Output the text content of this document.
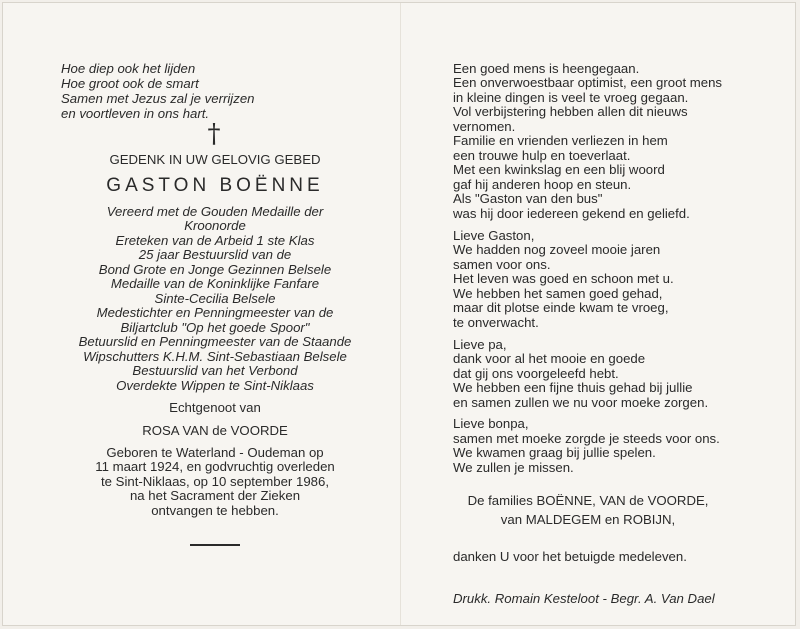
Hoe diep ook het lijden
Hoe groot ook de smart
Samen met Jezus zal je verrijzen
en voortleven in ons hart.
†
GEDENK IN UW GELOVIG GEBED
GASTON BOËNNE
Vereerd met de Gouden Medaille der
Kroonorde
Ereteken van de Arbeid 1 ste Klas
25 jaar Bestuurslid van de
Bond Grote en Jonge Gezinnen Belsele
Medaille van de Koninklijke Fanfare
Sinte-Cecilia Belsele
Medestichter en Penningmeester van de
Biljartclub "Op het goede Spoor"
Betuurslid en Penningmeester van de Staande
Wipschutters K.H.M. Sint-Sebastiaan Belsele
Bestuurslid van het Verbond
Overdekte Wippen te Sint-Niklaas
Echtgenoot van
ROSA VAN de VOORDE
Geboren te Waterland - Oudeman op
11 maart 1924, en godvruchtig overleden
te Sint-Niklaas, op 10 september 1986,
na het Sacrament der Zieken
ontvangen te hebben.
Een goed mens is heengegaan.
Een onverwoestbaar optimist, een groot mens
in kleine dingen is veel te vroeg gegaan.
Vol verbijstering hebben allen dit nieuws
vernomen.
Familie en vrienden verliezen in hem
een trouwe hulp en toeverlaat.
Met een kwinkslag en een blij woord
gaf hij anderen hoop en steun.
Als "Gaston van den bus"
was hij door iedereen gekend en geliefd.
Lieve Gaston,
We hadden nog zoveel mooie jaren
samen voor ons.
Het leven was goed en schoon met u.
We hebben het samen goed gehad,
maar dit plotse einde kwam te vroeg,
te onverwacht.
Lieve pa,
dank voor al het mooie en goede
dat gij ons voorgeleefd hebt.
We hebben een fijne thuis gehad bij jullie
en samen zullen we nu voor moeke zorgen.
Lieve bonpa,
samen met moeke zorgde je steeds voor ons.
We kwamen graag bij jullie spelen.
We zullen je missen.
De families BOËNNE, VAN de VOORDE,
van MALDEGEM en ROBIJN,
danken U voor het betuigde medeleven.
Drukk. Romain Kesteloot - Begr. A. Van Dael
